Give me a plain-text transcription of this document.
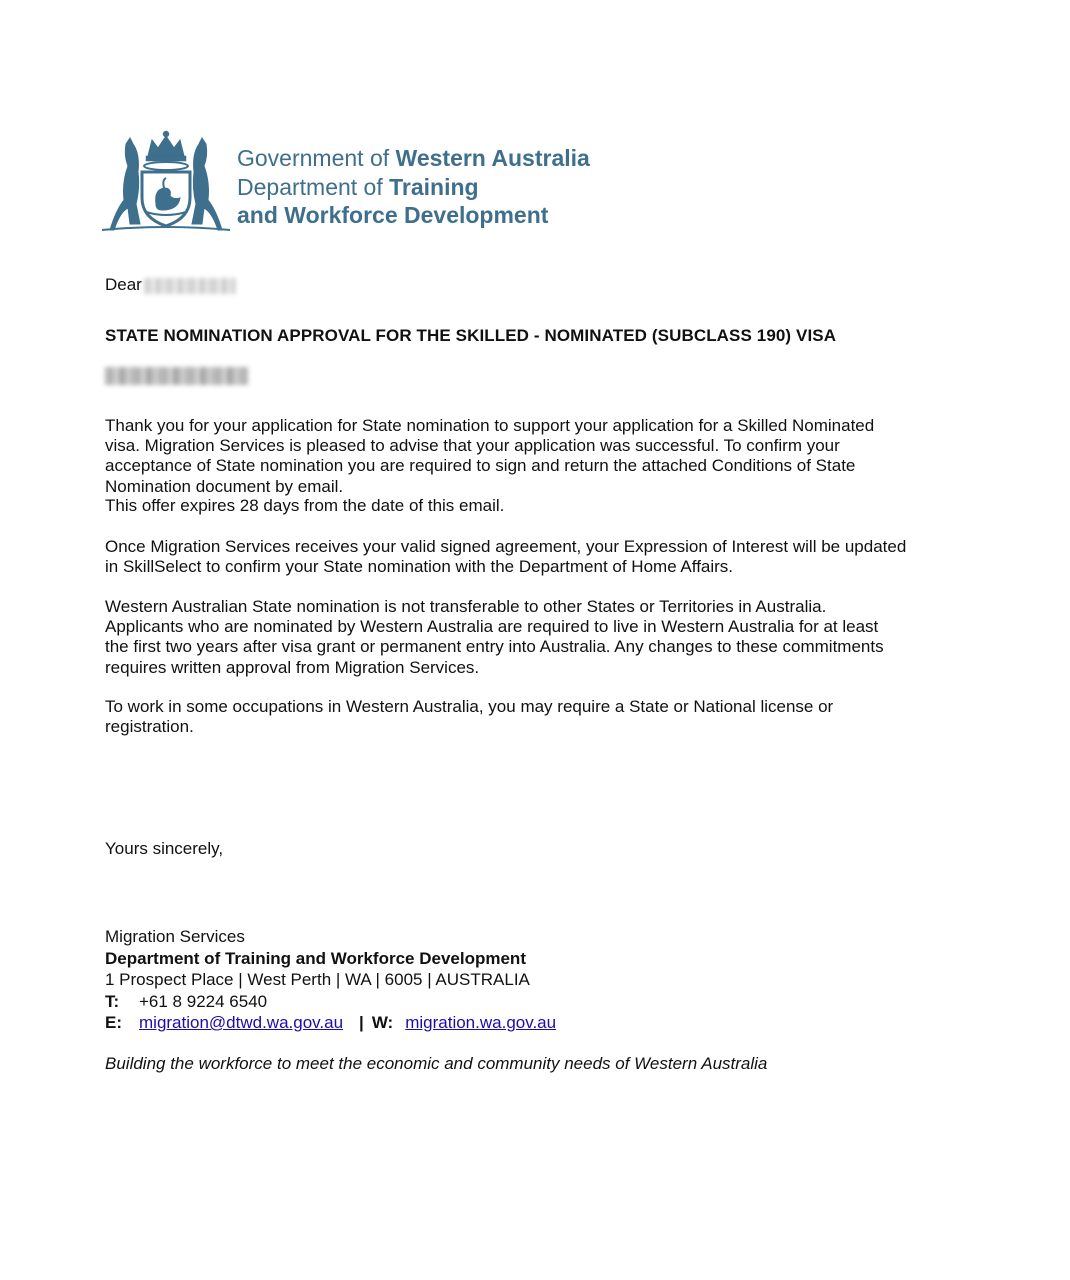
Government of Western Australia
Department of Training
and Workforce Development
Dear
STATE NOMINATION APPROVAL FOR THE SKILLED - NOMINATED (SUBCLASS 190) VISA
Thank you for your application for State nomination to support your application for a Skilled Nominated
visa. Migration Services is pleased to advise that your application was successful. To confirm your
acceptance of State nomination you are required to sign and return the attached Conditions of State
Nomination document by email.
This offer expires 28 days from the date of this email.
Once Migration Services receives your valid signed agreement, your Expression of Interest will be updated
in SkillSelect to confirm your State nomination with the Department of Home Affairs.
Western Australian State nomination is not transferable to other States or Territories in Australia.
Applicants who are nominated by Western Australia are required to live in Western Australia for at least
the first two years after visa grant or permanent entry into Australia. Any changes to these commitments
requires written approval from Migration Services.
To work in some occupations in Western Australia, you may require a State or National license or
registration.
Yours sincerely,
Migration Services
Department of Training and Workforce Development
1 Prospect Place | West Perth | WA | 6005 | AUSTRALIA
T: +61 8 9224 6540
E: migration@dtwd.wa.gov.au | W: migration.wa.gov.au
Building the workforce to meet the economic and community needs of Western Australia
